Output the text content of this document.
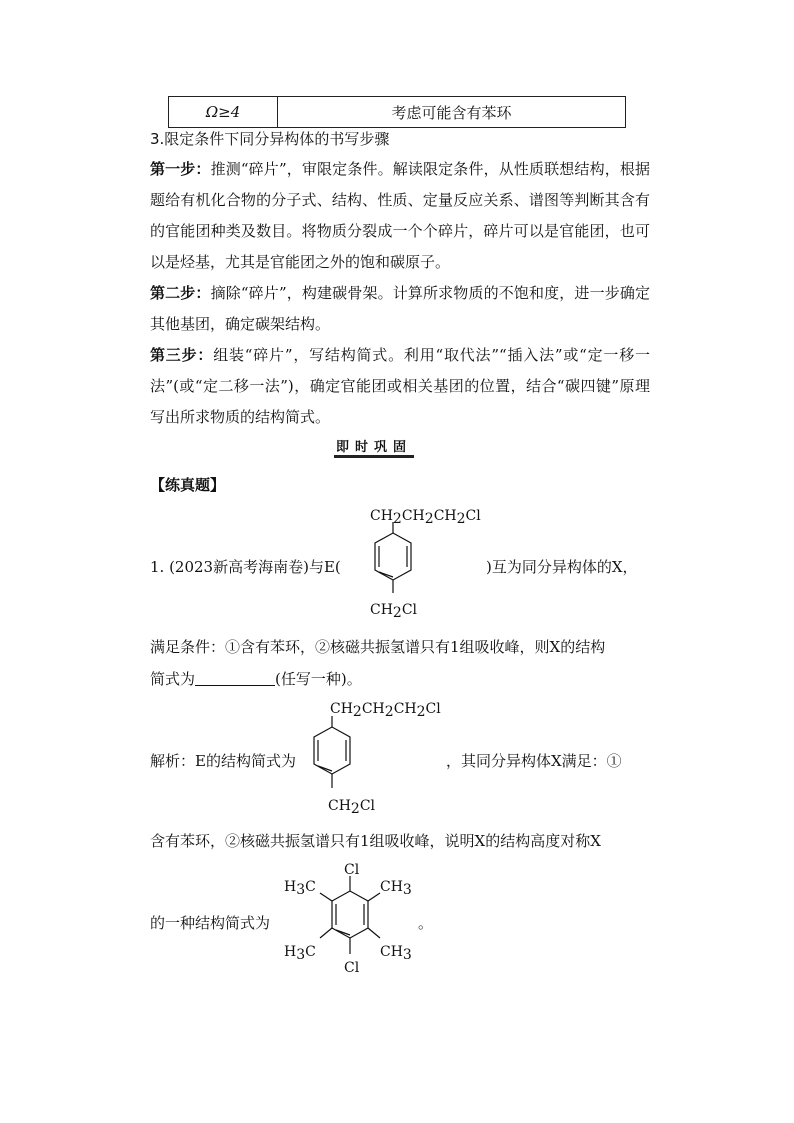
Ω≥4	考虑可能含有苯环
3.限定条件下同分异构体的书写步骤
第一步：推测“碎片”，审限定条件。解读限定条件，从性质联想结构，根据题给有机化合物的分子式、结构、性质、定量反应关系、谱图等判断其含有的官能团种类及数目。将物质分裂成一个个碎片，碎片可以是官能团，也可以是烃基，尤其是官能团之外的饱和碳原子。
第二步：摘除“碎片”，构建碳骨架。计算所求物质的不饱和度，进一步确定其他基团，确定碳架结构。
第三步：组装“碎片”，写结构简式。利用“取代法”“插入法”或“定一移一法”(或“定二移一法”)，确定官能团或相关基团的位置，结合“碳四键”原理写出所求物质的结构简式。
即时巩固
【练真题】
1. (2023新高考海南卷)与E(	)互为同分异构体的X，
CH2CH2CH2Cl
CH2Cl
满足条件：①含有苯环，②核磁共振氢谱只有1组吸收峰，则X的结构
简式为	(任写一种)。
解析：E的结构简式为	，其同分异构体X满足：①
CH2CH2CH2Cl
CH2Cl
含有苯环，②核磁共振氢谱只有1组吸收峰，说明X的结构高度对称X
的一种结构简式为	。
Cl
Cl
H3C
H3C
CH3
CH3
